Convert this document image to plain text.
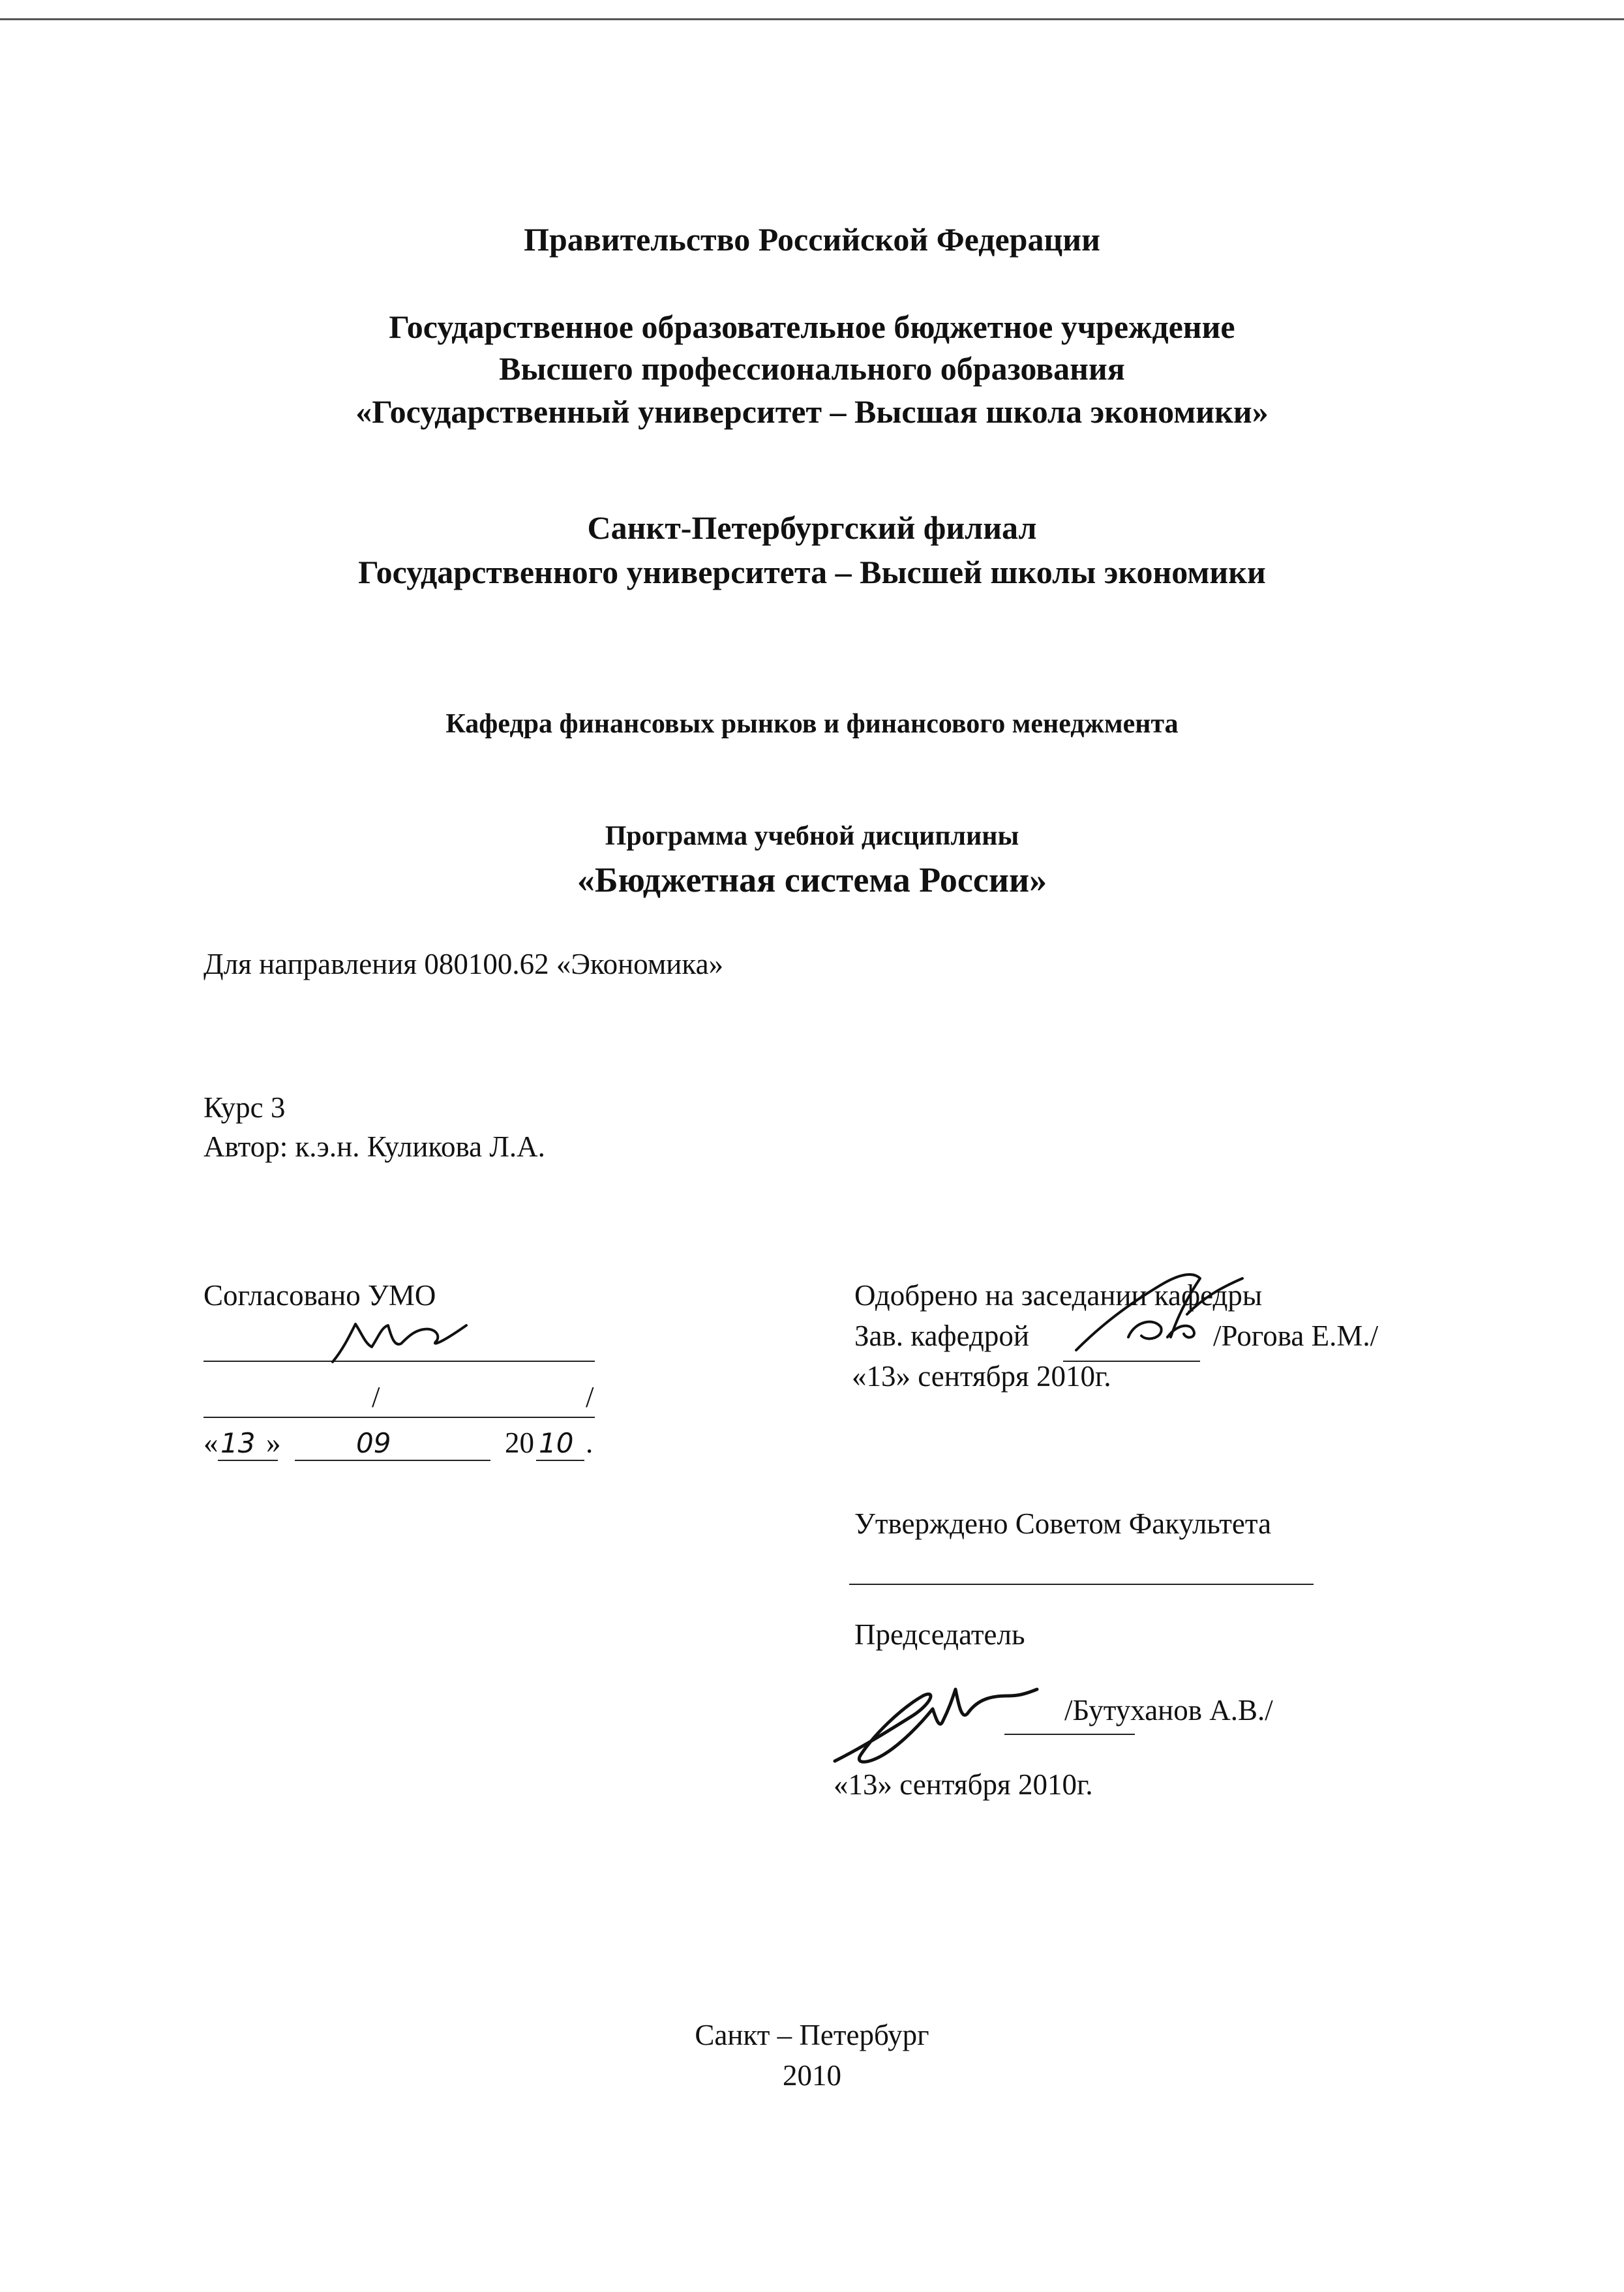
Правительство Российской Федерации
Государственное образовательное бюджетное учреждение
Высшего профессионального образования
«Государственный университет – Высшая школа экономики»
Санкт-Петербургский филиал
Государственного университета – Высшей школы экономики
Кафедра финансовых рынков и финансового менеджмента
Программа учебной дисциплины
«Бюджетная система России»
Для направления 080100.62 «Экономика»
Курс 3
Автор: к.э.н. Куликова Л.А.
Согласовано УМО
/	/
« 13 »	09	20 10 .
Одобрено на заседании кафедры
Зав. кафедрой	/Рогова Е.М./
«13» сентября 2010г.
Утверждено Советом Факультета
Председатель
/Бутуханов А.В./
«13» сентября 2010г.
Санкт – Петербург
2010
